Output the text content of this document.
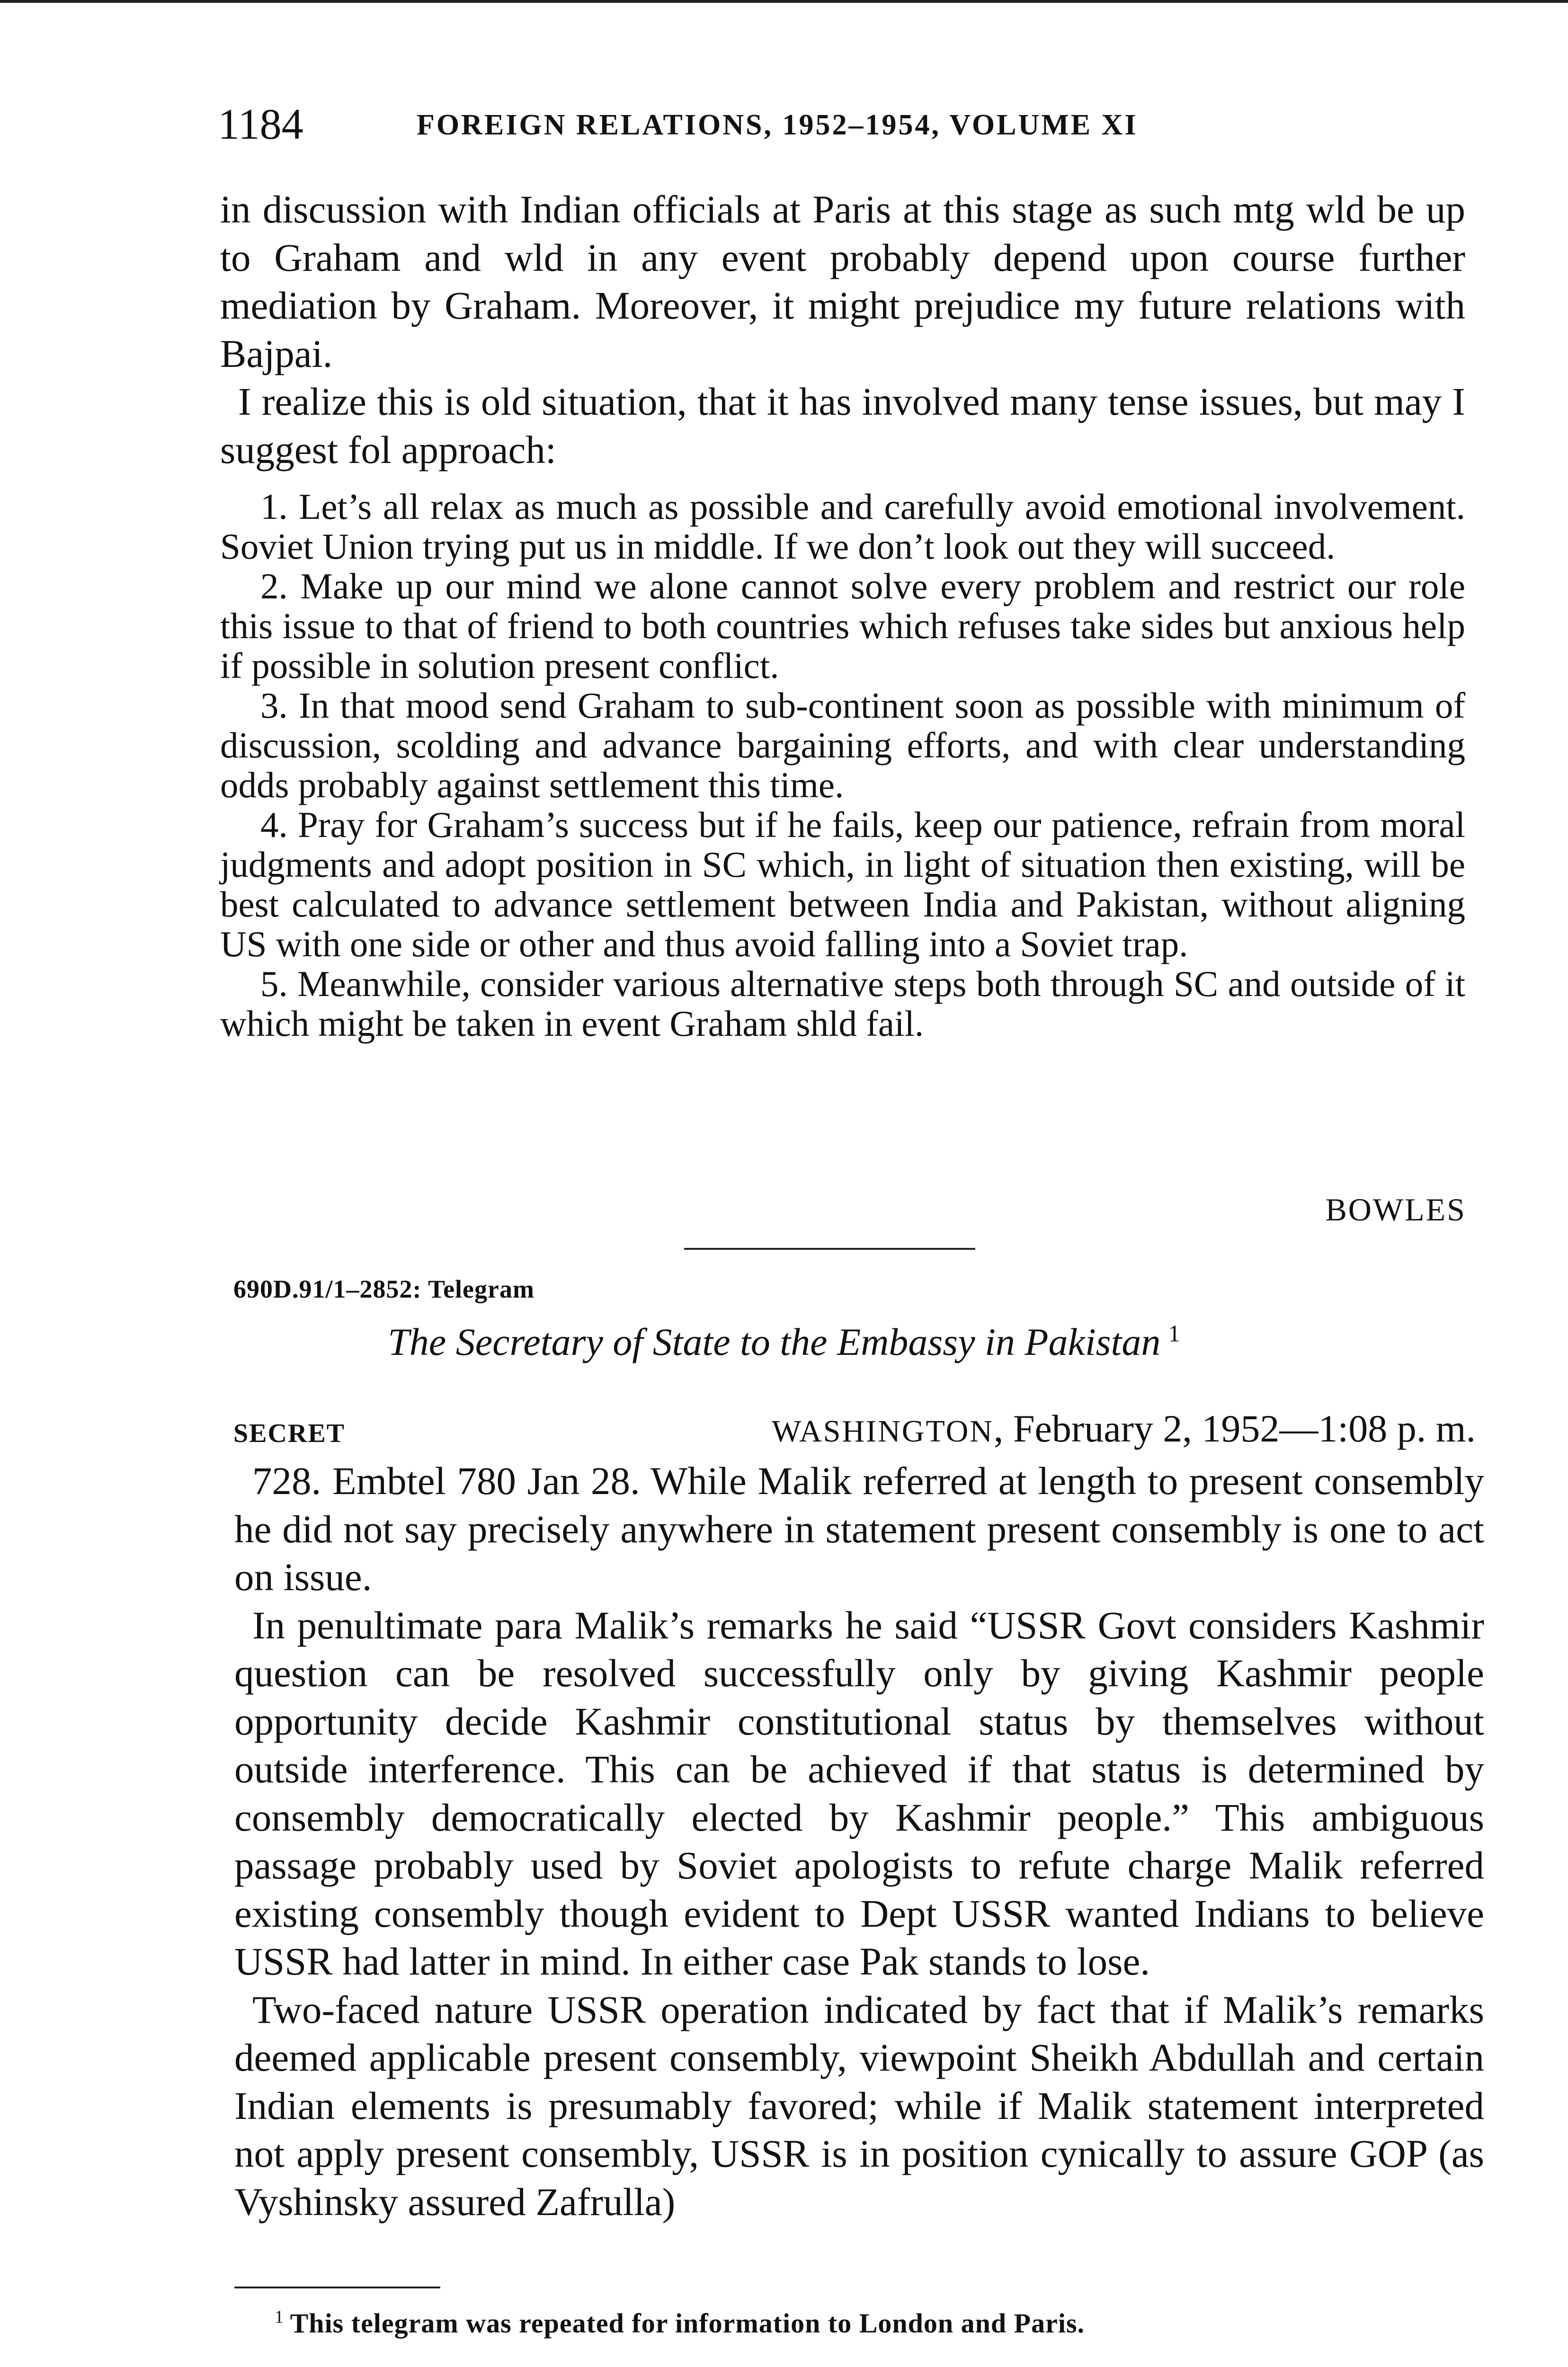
1184	FOREIGN RELATIONS, 1952–1954, VOLUME XI

in discussion with Indian officials at Paris at this stage as such mtg wld be up to Graham and wld in any event probably depend upon course further mediation by Graham. Moreover, it might prejudice my future relations with Bajpai.

I realize this is old situation, that it has involved many tense issues, but may I suggest fol approach:

1. Let’s all relax as much as possible and carefully avoid emotional involvement. Soviet Union trying put us in middle. If we don’t look out they will succeed.

2. Make up our mind we alone cannot solve every problem and restrict our role this issue to that of friend to both countries which refuses take sides but anxious help if possible in solution present conflict.

3. In that mood send Graham to sub-continent soon as possible with minimum of discussion, scolding and advance bargaining efforts, and with clear understanding odds probably against settlement this time.

4. Pray for Graham’s success but if he fails, keep our patience, refrain from moral judgments and adopt position in SC which, in light of situation then existing, will be best calculated to advance settlement between India and Pakistan, without aligning US with one side or other and thus avoid falling into a Soviet trap.

5. Meanwhile, consider various alternative steps both through SC and outside of it which might be taken in event Graham shld fail.

BOWLES
690D.91/1–2852: Telegram
The Secretary of State to the Embassy in Pakistan  $^1$
SECRET	WASHINGTON, February 2, 1952—1:08 p. m.

728. Embtel 780 Jan 28. While Malik referred at length to present consembly he did not say precisely anywhere in statement present consembly is one to act on issue.

In penultimate para Malik’s remarks he said “USSR Govt considers Kashmir question can be resolved successfully only by giving Kashmir people opportunity decide Kashmir constitutional status by themselves without outside interference. This can be achieved if that status is determined by consembly democratically elected by Kashmir people.” This ambiguous passage probably used by Soviet apologists to refute charge Malik referred existing consembly though evident to Dept USSR wanted Indians to believe USSR had latter in mind. In either case Pak stands to lose.

Two-faced nature USSR operation indicated by fact that if Malik’s remarks deemed applicable present consembly, viewpoint Sheikh Abdullah and certain Indian elements is presumably favored; while if Malik statement interpreted not apply present consembly, USSR is in position cynically to assure GOP (as Vyshinsky assured Zafrulla)

$^1$  This telegram was repeated for information to London and Paris.
